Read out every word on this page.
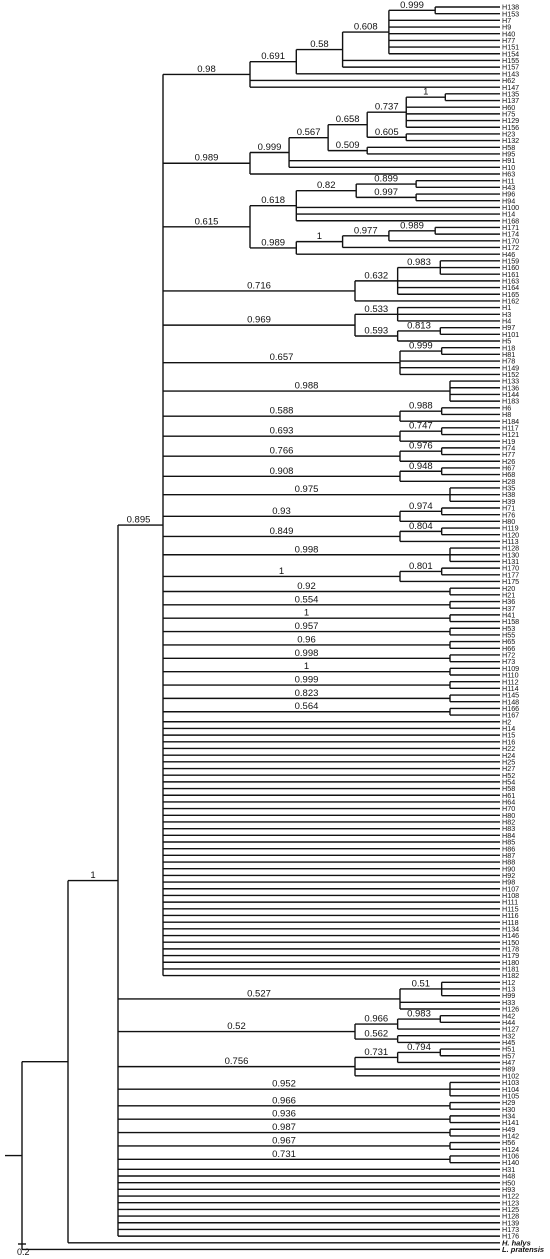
H138
H153
H7
H9
H40
H77
H151
H154
H155
H157
H143
H62
H147
H135
H137
H60
H75
H129
H156
H23
H132
H58
H95
H91
H10
H63
H11
H43
H96
H94
H100
H14
H168
H171
H174
H170
H172
H46
H159
H160
H161
H163
H164
H165
H162
H1
H3
H4
H97
H101
H5
H18
H81
H78
H149
H152
H133
H136
H144
H183
H6
H8
H184
H117
H121
H19
H74
H77
H26
H67
H68
H28
H35
H38
H39
H71
H76
H80
H119
H120
H113
H128
H130
H131
H170
H177
H175
H20
H21
H36
H37
H41
H158
H53
H55
H65
H66
H72
H73
H109
H110
H112
H114
H145
H148
H166
H167
H2
H14
H15
H16
H22
H24
H25
H27
H52
H54
H58
H61
H64
H70
H80
H82
H83
H84
H85
H86
H87
H88
H90
H92
H98
H107
H108
H111
H115
H116
H118
H134
H146
H150
H178
H179
H180
H181
H182
H12
H13
H99
H33
H126
H42
H44
H127
H32
H45
H51
H57
H47
H89
H102
H103
H104
H105
H29
H30
H34
H141
H49
H142
H56
H124
H106
H140
H31
H48
H50
H93
H122
H123
H125
H128
H139
H173
H176
H. halys
L. pratensis
0.999
0.608
0.58
0.691
0.98
1
0.737
0.605
0.658
0.509
0.567
0.999
0.989
0.899
0.997
0.82
0.618
0.989
0.977
1
0.989
0.615
0.983
0.632
0.716
0.533
0.813
0.593
0.969
0.999
0.657
0.988
0.988
0.588
0.747
0.693
0.976
0.766
0.948
0.908
0.975
0.974
0.93
0.804
0.849
0.998
0.801
1
0.92
0.554
1
0.957
0.96
0.998
1
0.999
0.823
0.564
0.895
0.51
0.527
0.983
0.966
0.562
0.52
0.794
0.731
0.756
0.952
0.966
0.936
0.987
0.967
0.731
1
0.2
